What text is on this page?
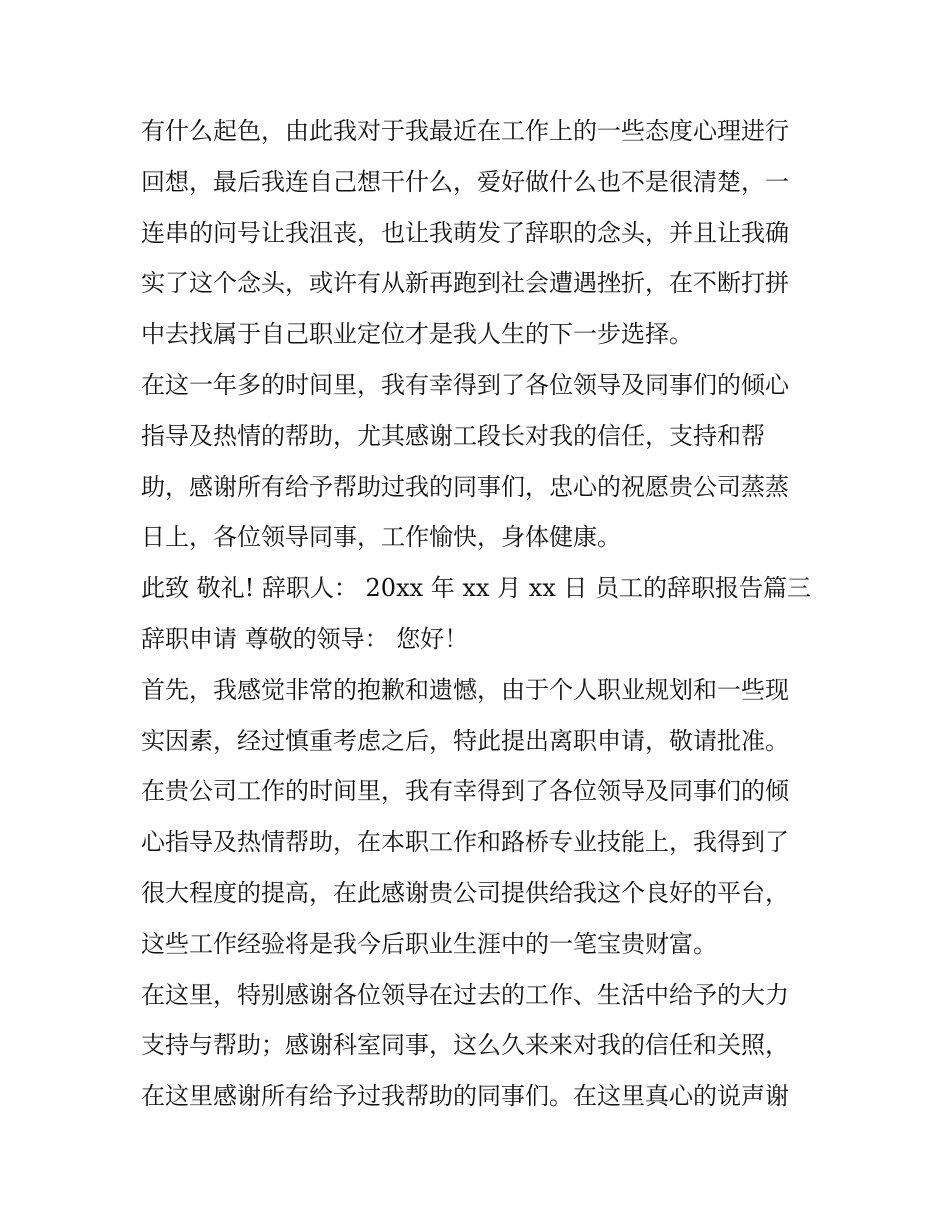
有什么起色，由此我对于我最近在工作上的一些态度心理进行
回想，最后我连自己想干什么，爱好做什么也不是很清楚，一
连串的问号让我沮丧，也让我萌发了辞职的念头，并且让我确
实了这个念头，或许有从新再跑到社会遭遇挫折，在不断打拼
中去找属于自己职业定位才是我人生的下一步选择。
在这一年多的时间里，我有幸得到了各位领导及同事们的倾心
指导及热情的帮助，尤其感谢工段长对我的信任，支持和帮
助，感谢所有给予帮助过我的同事们，忠心的祝愿贵公司蒸蒸
日上，各位领导同事，工作愉快，身体健康。
此致 敬礼! 辞职人： 20xx 年 xx 月 xx 日 员工的辞职报告篇三
辞职申请 尊敬的领导： 您好！
首先，我感觉非常的抱歉和遗憾，由于个人职业规划和一些现
实因素，经过慎重考虑之后，特此提出离职申请，敬请批准。
在贵公司工作的时间里，我有幸得到了各位领导及同事们的倾
心指导及热情帮助，在本职工作和路桥专业技能上，我得到了
很大程度的提高，在此感谢贵公司提供给我这个良好的平台，
这些工作经验将是我今后职业生涯中的一笔宝贵财富。
在这里，特别感谢各位领导在过去的工作、生活中给予的大力
支持与帮助；感谢科室同事，这么久来来对我的信任和关照，
在这里感谢所有给予过我帮助的同事们。在这里真心的说声谢
